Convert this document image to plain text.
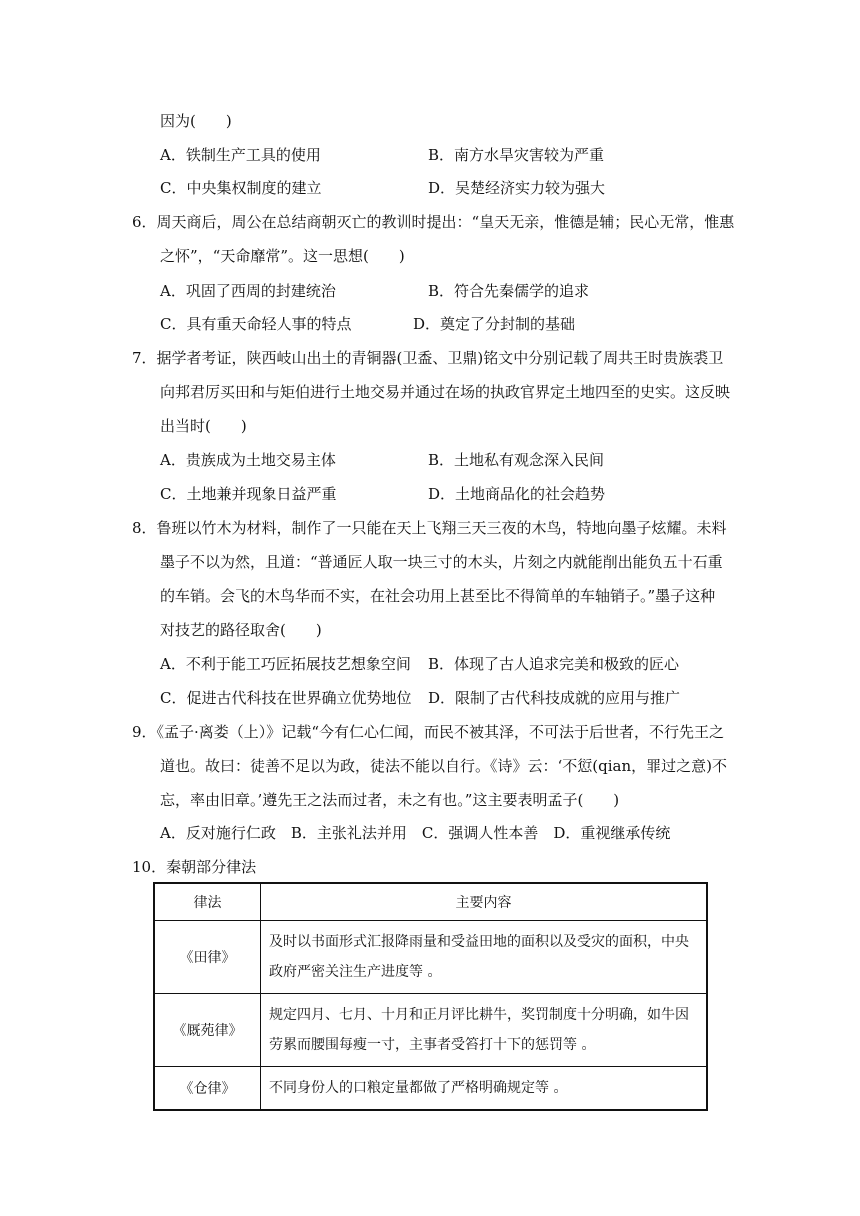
因为(　　)
A．铁制生产工具的使用	B．南方水旱灾害较为严重
C．中央集权制度的建立	D．吴楚经济实力较为强大
6．周天商后，周公在总结商朝灭亡的教训时提出：“皇天无亲，惟德是辅；民心无常，惟惠
之怀”，“天命靡常”。这一思想(　　)
A．巩固了西周的封建统治	B．符合先秦儒学的追求
C．具有重天命轻人事的特点	D．奠定了分封制的基础
7．据学者考证，陕西岐山出土的青铜器(卫盉、卫鼎)铭文中分别记载了周共王时贵族裘卫
向邦君厉买田和与矩伯进行土地交易并通过在场的执政官界定土地四至的史实。这反映
出当时(　　)
A．贵族成为土地交易主体	B．土地私有观念深入民间
C．土地兼并现象日益严重	D．土地商品化的社会趋势
8．鲁班以竹木为材料，制作了一只能在天上飞翔三天三夜的木鸟，特地向墨子炫耀。未料
墨子不以为然，且道：“普通匠人取一块三寸的木头，片刻之内就能削出能负五十石重
的车销。会飞的木鸟华而不实，在社会功用上甚至比不得简单的车轴销子。”墨子这种
对技艺的路径取舍(　　)
A．不利于能工巧匠拓展技艺想象空间 B．体现了古人追求完美和极致的匠心
C．促进古代科技在世界确立优势地位 D．限制了古代科技成就的应用与推广
9．《孟子·离娄（上）》记载“今有仁心仁闻，而民不被其泽，不可法于后世者，不行先王之
道也。故曰：徒善不足以为政，徒法不能以自行。《诗》云：‘不愆(qian，罪过之意)不
忘，率由旧章。’遵先王之法而过者，未之有也。”这主要表明孟子(　　)
A．反对施行仁政　B．主张礼法并用　C．强调人性本善　D．重视继承传统
10．秦朝部分律法
律法	主要内容
《田律》	及时以书面形式汇报降雨量和受益田地的面积以及受灾的面积，中央政府严密关注生产进度等 。
《厩苑律》	规定四月、七月、十月和正月评比耕牛，奖罚制度十分明确，如牛因劳累而腰围每瘦一寸，主事者受笞打十下的惩罚等 。
《仓律》	不同身份人的口粮定量都做了严格明确规定等 。
